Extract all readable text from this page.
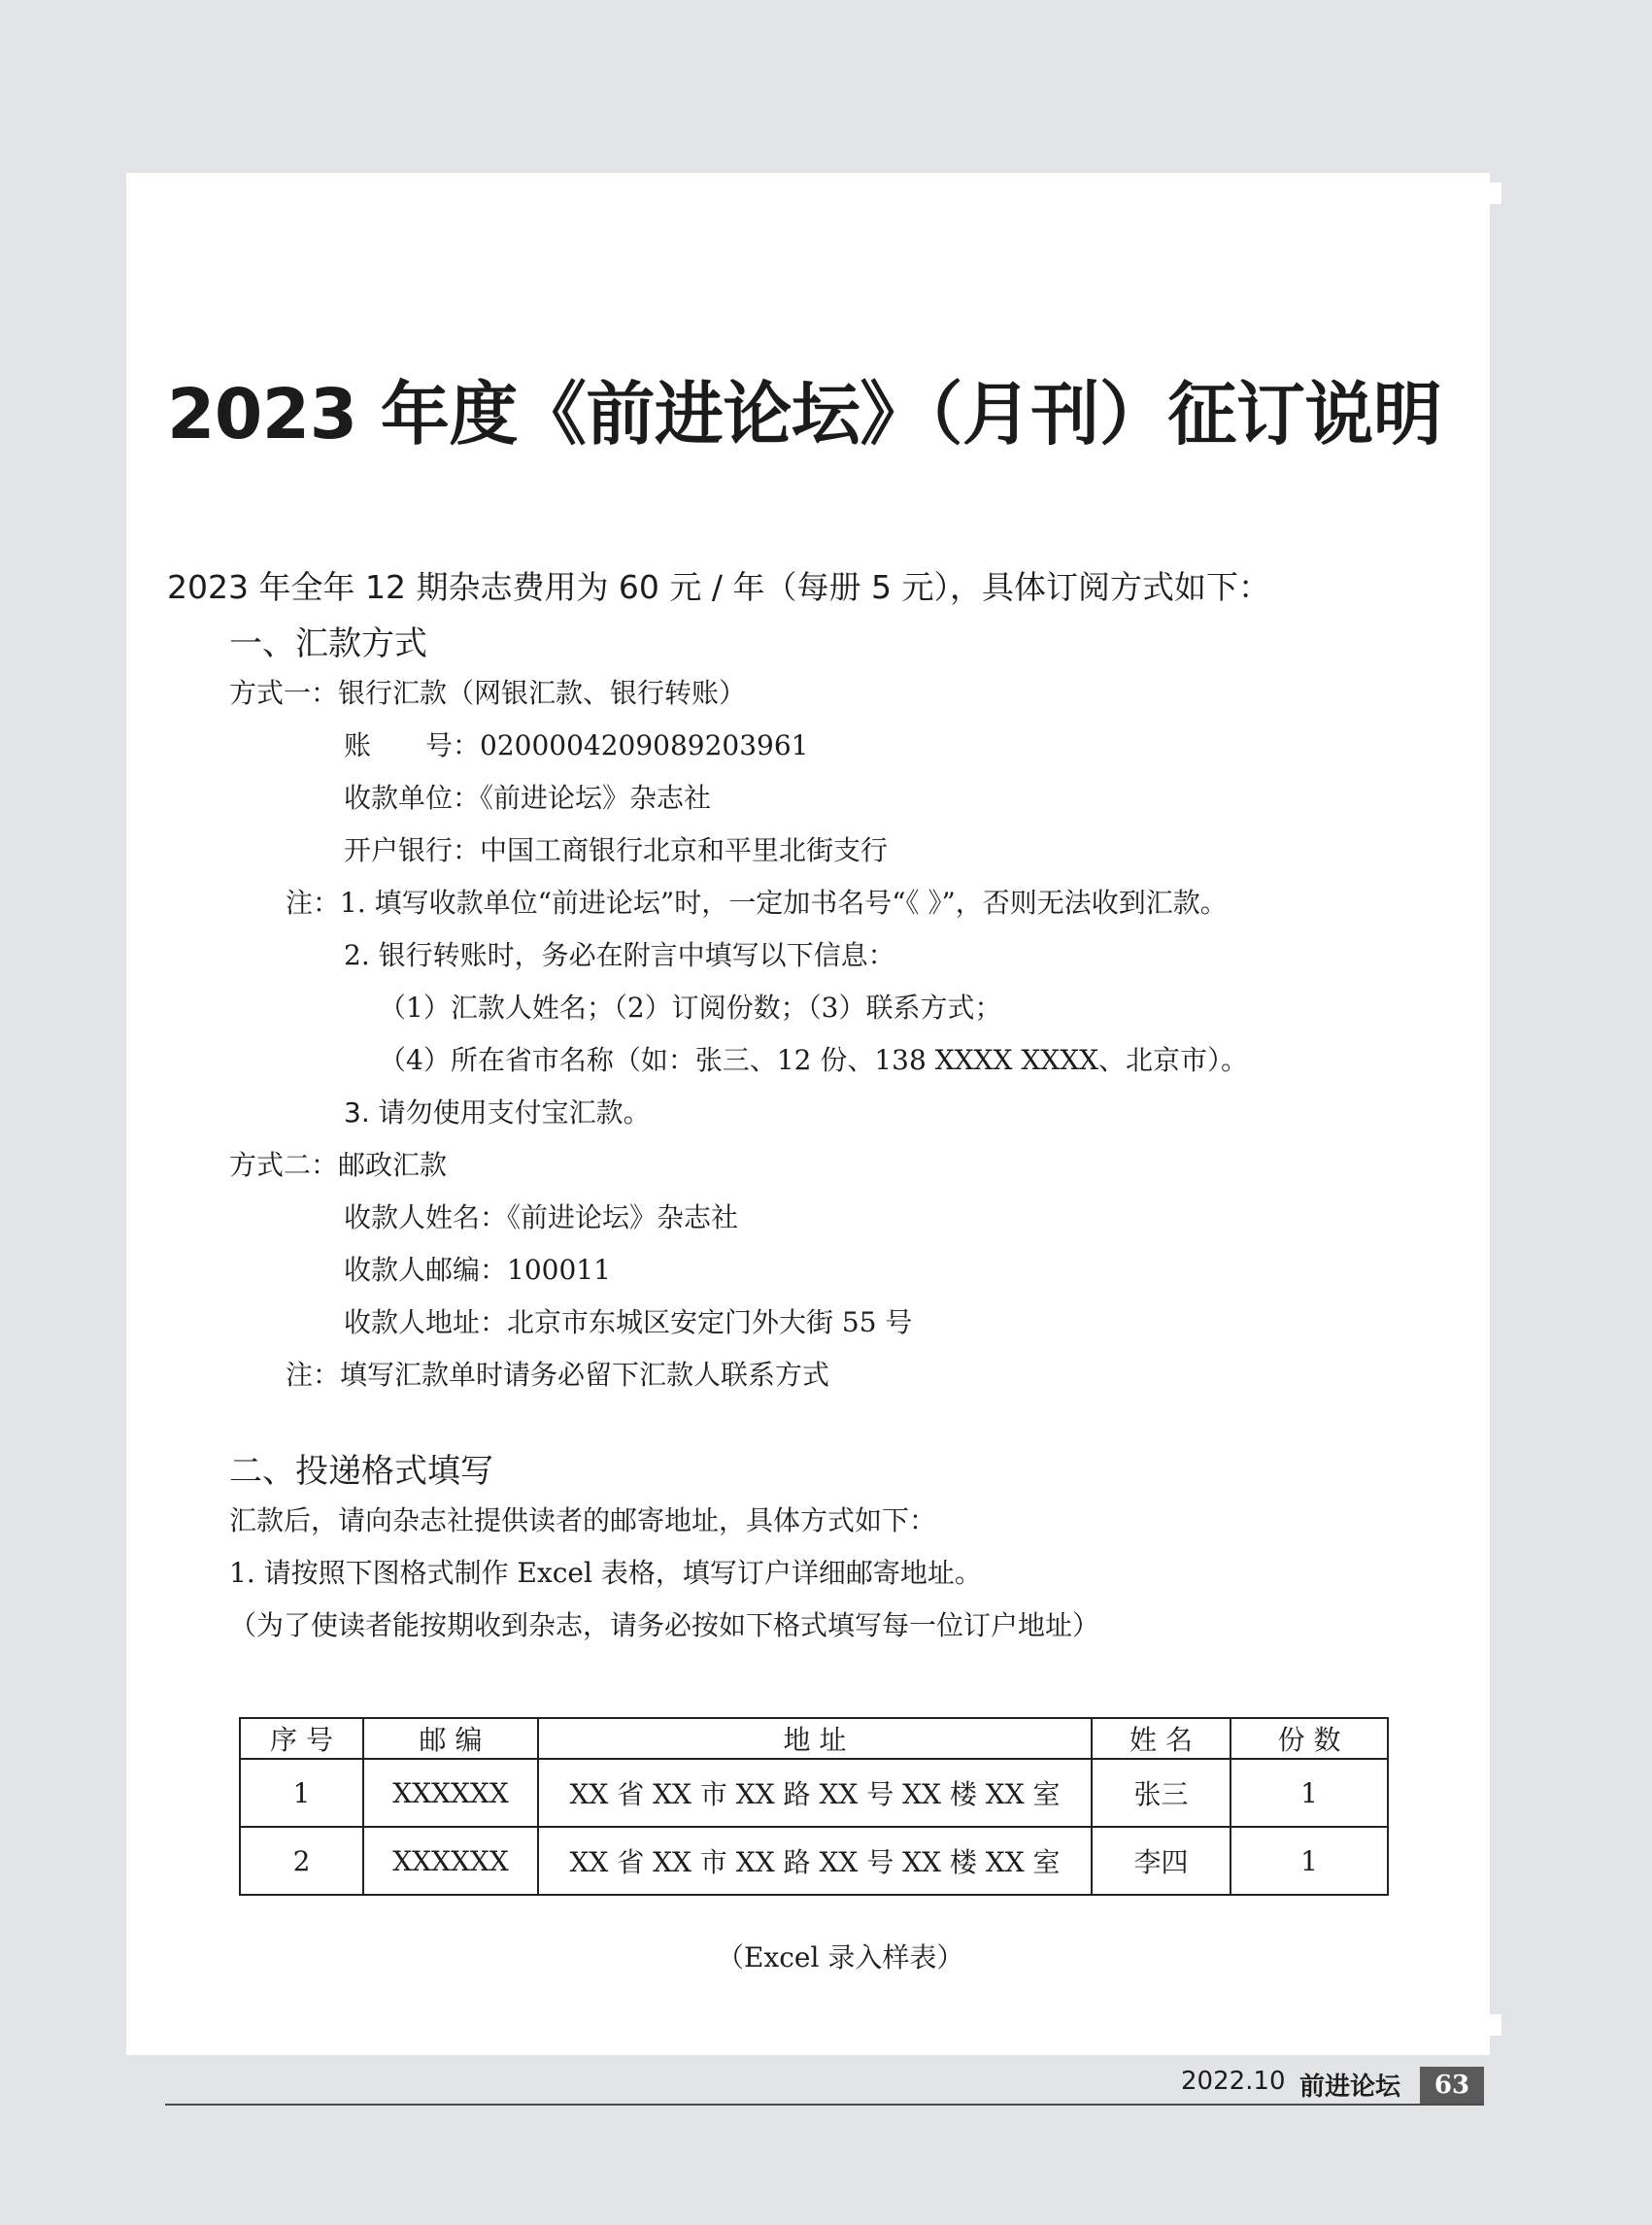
2023 年度《前进论坛》（月刊）征订说明
2023 年全年 12 期杂志费用为 60 元 / 年（每册 5 元），具体订阅方式如下：
一、汇款方式
方式一：银行汇款（网银汇款、银行转账）
账　　号：0200004209089203961
收款单位：《前进论坛》杂志社
开户银行：中国工商银行北京和平里北街支行
注：1. 填写收款单位“前进论坛”时，一定加书名号“《 》”，否则无法收到汇款。
2. 银行转账时，务必在附言中填写以下信息：
（1）汇款人姓名；（2）订阅份数；（3）联系方式；
（4）所在省市名称（如：张三、12 份、138 XXXX XXXX、北京市）。
3. 请勿使用支付宝汇款。
方式二：邮政汇款
收款人姓名：《前进论坛》杂志社
收款人邮编：100011
收款人地址：北京市东城区安定门外大街 55 号
注：填写汇款单时请务必留下汇款人联系方式
二、投递格式填写
汇款后，请向杂志社提供读者的邮寄地址，具体方式如下：
1. 请按照下图格式制作 Excel 表格，填写订户详细邮寄地址。
（为了使读者能按期收到杂志，请务必按如下格式填写每一位订户地址）
序 号	邮 编	地 址	姓 名	份 数
1	XXXXXX	XX 省 XX 市 XX 路 XX 号 XX 楼 XX 室	张三	1
2	XXXXXX	XX 省 XX 市 XX 路 XX 号 XX 楼 XX 室	李四	1
（Excel 录入样表）
2022.10 前进论坛	63
